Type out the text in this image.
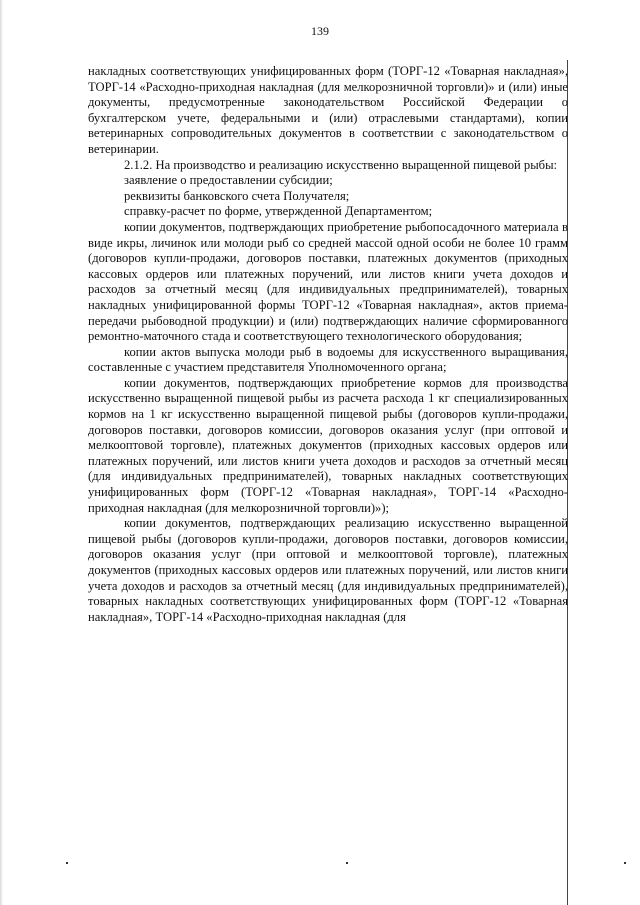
139

накладных соответствующих унифицированных форм (ТОРГ-12 «Товарная накладная», ТОРГ-14 «Расходно-приходная накладная (для мелкорозничной торговли)» и (или) иные документы, предусмотренные законодательством Российской Федерации о бухгалтерском учете, федеральными и (или) отраслевыми стандартами), копии ветеринарных сопроводительных документов в соответствии с законодательством о ветеринарии.

2.1.2. На производство и реализацию искусственно выращенной пищевой рыбы:

заявление о предоставлении субсидии;

реквизиты банковского счета Получателя;

справку-расчет по форме, утвержденной Департаментом;

копии документов, подтверждающих приобретение рыбопосадочного материала в виде икры, личинок или молоди рыб со средней массой одной особи не более 10 грамм (договоров купли-продажи, договоров поставки, платежных документов (приходных кассовых ордеров или платежных поручений, или листов книги учета доходов и расходов за отчетный месяц (для индивидуальных предпринимателей), товарных накладных унифицированной формы ТОРГ-12 «Товарная накладная», актов приема-передачи рыбоводной продукции) и (или) подтверждающих наличие сформированного ремонтно-маточного стада и соответствующего технологического оборудования;

копии актов выпуска молоди рыб в водоемы для искусственного выращивания, составленные с участием представителя Уполномоченного органа;

копии документов, подтверждающих приобретение кормов для производства искусственно выращенной пищевой рыбы из расчета расхода 1 кг специализированных кормов на 1 кг искусственно выращенной пищевой рыбы (договоров купли-продажи, договоров поставки, договоров комиссии, договоров оказания услуг (при оптовой и мелкооптовой торговле), платежных документов (приходных кассовых ордеров или платежных поручений, или листов книги учета доходов и расходов за отчетный месяц (для индивидуальных предпринимателей), товарных накладных соответствующих унифицированных форм (ТОРГ-12 «Товарная накладная», ТОРГ-14 «Расходно-приходная накладная (для мелкорозничной торговли)»);

копии документов, подтверждающих реализацию искусственно выращенной пищевой рыбы (договоров купли-продажи, договоров поставки, договоров комиссии, договоров оказания услуг (при оптовой и мелкооптовой торговле), платежных документов (приходных кассовых ордеров или платежных поручений, или листов книги учета доходов и расходов за отчетный месяц (для индивидуальных предпринимателей), товарных накладных соответствующих унифицированных форм (ТОРГ-12 «Товарная накладная», ТОРГ-14 «Расходно-приходная накладная (для
